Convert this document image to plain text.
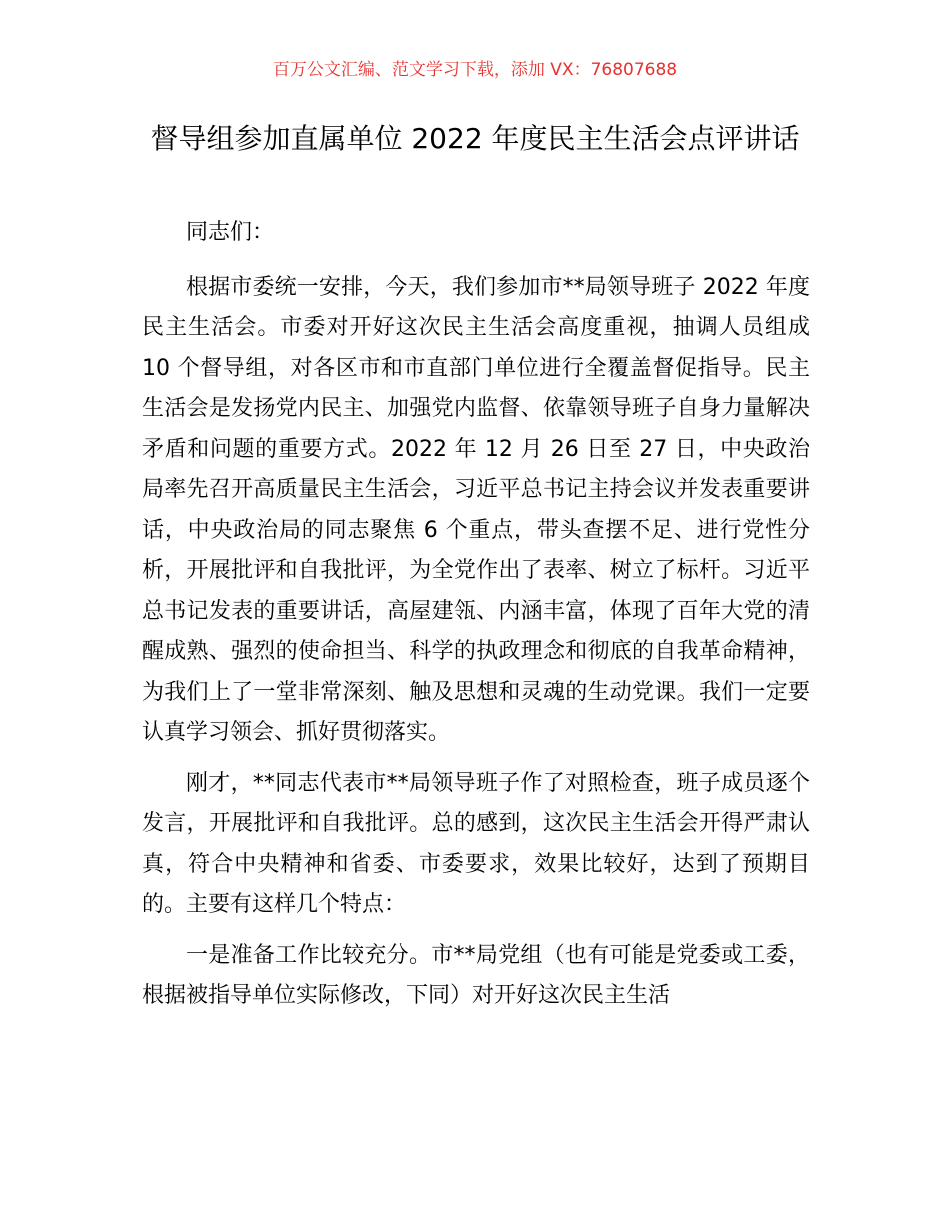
百万公文汇编、范文学习下载，添加 VX：76807688
督导组参加直属单位 2022 年度民主生活会点评讲话

同志们：

根据市委统一安排，今天，我们参加市**局领导班子 2022 年度民主生活会。市委对开好这次民主生活会高度重视，抽调人员组成 10 个督导组，对各区市和市直部门单位进行全覆盖督促指导。民主生活会是发扬党内民主、加强党内监督、依靠领导班子自身力量解决矛盾和问题的重要方式。2022 年 12 月 26 日至 27 日，中央政治局率先召开高质量民主生活会，习近平总书记主持会议并发表重要讲话，中央政治局的同志聚焦 6 个重点，带头查摆不足、进行党性分析，开展批评和自我批评，为全党作出了表率、树立了标杆。习近平总书记发表的重要讲话，高屋建瓴、内涵丰富，体现了百年大党的清醒成熟、强烈的使命担当、科学的执政理念和彻底的自我革命精神，为我们上了一堂非常深刻、触及思想和灵魂的生动党课。我们一定要认真学习领会、抓好贯彻落实。

刚才，**同志代表市**局领导班子作了对照检查，班子成员逐个发言，开展批评和自我批评。总的感到，这次民主生活会开得严肃认真，符合中央精神和省委、市委要求，效果比较好，达到了预期目的。主要有这样几个特点：

一是准备工作比较充分。市**局党组（也有可能是党委或工委，根据被指导单位实际修改，下同）对开好这次民主生活
